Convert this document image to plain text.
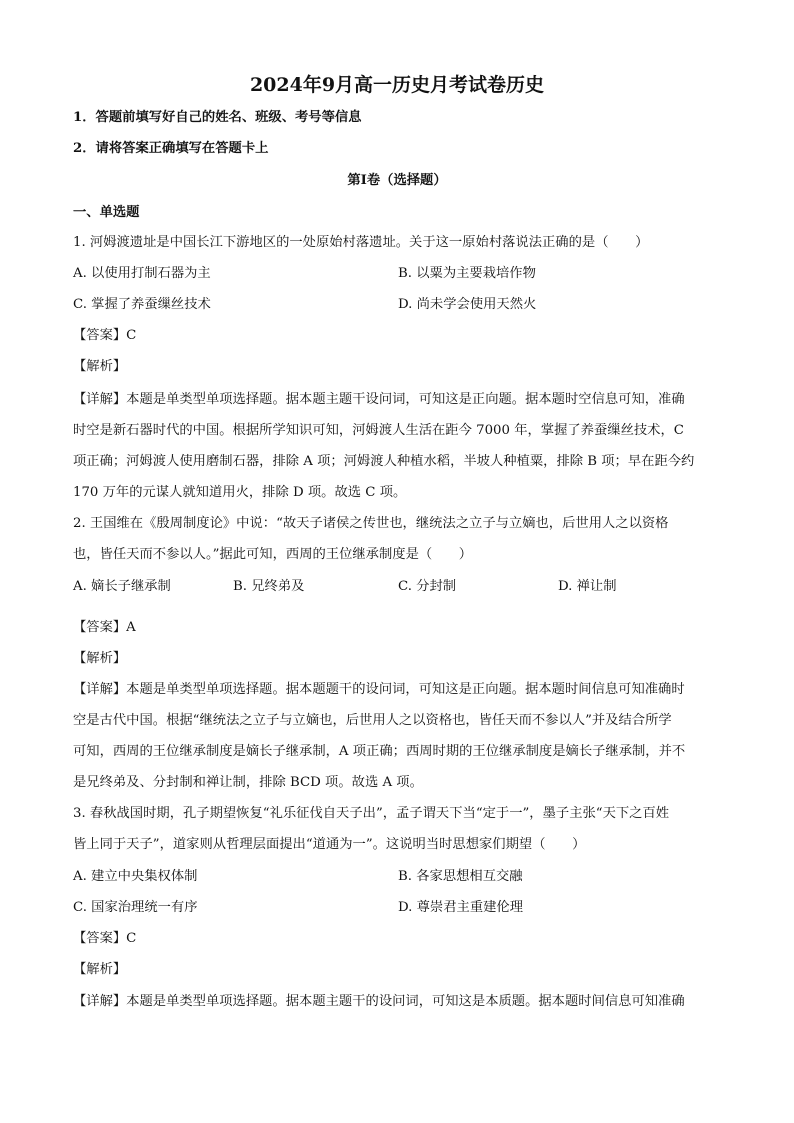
2024年9月高一历史月考试卷历史
1．答题前填写好自己的姓名、班级、考号等信息
2．请将答案正确填写在答题卡上
第I卷（选择题）
一、单选题
1. 河姆渡遗址是中国长江下游地区的一处原始村落遗址。关于这一原始村落说法正确的是（　　）
A. 以使用打制石器为主	B. 以粟为主要栽培作物
C. 掌握了养蚕缫丝技术	D. 尚未学会使用天然火
【答案】C
【解析】
【详解】本题是单类型单项选择题。据本题主题干设问词，可知这是正向题。据本题时空信息可知，准确
时空是新石器时代的中国。根据所学知识可知，河姆渡人生活在距今 7000 年，掌握了养蚕缫丝技术，C
项正确；河姆渡人使用磨制石器，排除 A 项；河姆渡人种植水稻，半坡人种植粟，排除 B 项；早在距今约
170 万年的元谋人就知道用火，排除 D 项。故选 C 项。
2. 王国维在《殷周制度论》中说：“故天子诸侯之传世也，继统法之立子与立嫡也，后世用人之以资格
也，皆任天而不参以人。”据此可知，西周的王位继承制度是（　　）
A. 嫡长子继承制	B. 兄终弟及	C. 分封制	D. 禅让制
【答案】A
【解析】
【详解】本题是单类型单项选择题。据本题题干的设问词，可知这是正向题。据本题时间信息可知准确时
空是古代中国。根据“继统法之立子与立嫡也，后世用人之以资格也，皆任天而不参以人”并及结合所学
可知，西周的王位继承制度是嫡长子继承制，A 项正确；西周时期的王位继承制度是嫡长子继承制，并不
是兄终弟及、分封制和禅让制，排除 BCD 项。故选 A 项。
3. 春秋战国时期，孔子期望恢复“礼乐征伐自天子出”，孟子谓天下当“定于一”，墨子主张“天下之百姓
皆上同于天子”，道家则从哲理层面提出“道通为一”。这说明当时思想家们期望（　　）
A. 建立中央集权体制	B. 各家思想相互交融
C. 国家治理统一有序	D. 尊崇君主重建伦理
【答案】C
【解析】
【详解】本题是单类型单项选择题。据本题主题干的设问词，可知这是本质题。据本题时间信息可知准确
